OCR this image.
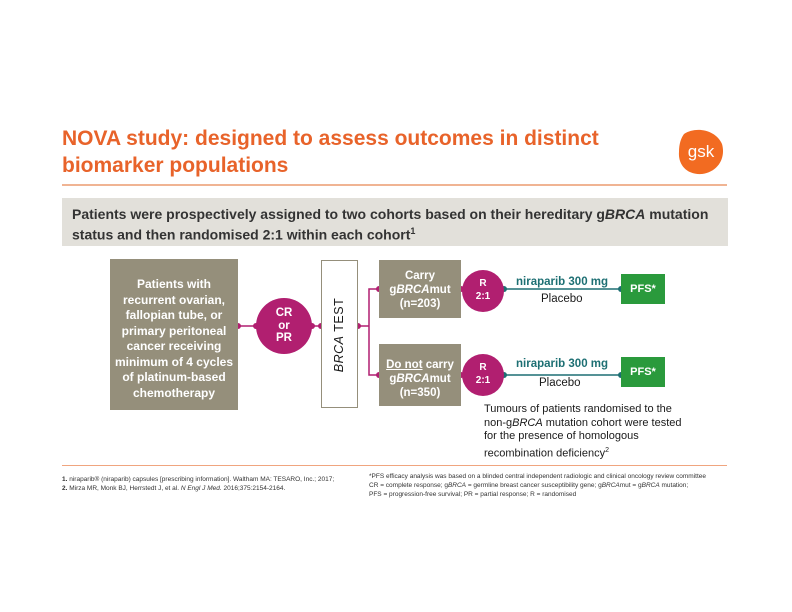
NOVA study: designed to assess outcomes in distinct
biomarker populations
gsk
Patients were prospectively assigned to two cohorts based on their hereditary gBRCA mutation status and then randomised 2:1 within each cohort$^1$
Patients with
recurrent ovarian,
fallopian tube, or
primary peritoneal
cancer receiving
minimum of 4 cycles
of platinum-based
chemotherapy
CR
or
PR	BRCA TEST
Carry
gBRCAmut
(n=203)
Do not carry
gBRCAmut
(n=350)
R
2:1
R
2:1
niraparib 300 mg
Placebo
niraparib 300 mg
Placebo
PFS*
PFS*
Tumours of patients randomised to the non-gBRCA mutation cohort were tested for the presence of homologous recombination deficiency$^2$
1. niraparib® (niraparib) capsules [prescribing information]. Waltham MA: TESARO, Inc.; 2017;
2. Mirza MR, Monk BJ, Herrstedt J, et al. N Engl J Med. 2016;375:2154-2164.
*PFS efficacy analysis was based on a blinded central independent radiologic and clinical oncology review committee
CR = complete response; gBRCA = germline breast cancer susceptibility gene; gBRCAmut = gBRCA mutation;
PFS = progression-free survival; PR = partial response; R = randomised
